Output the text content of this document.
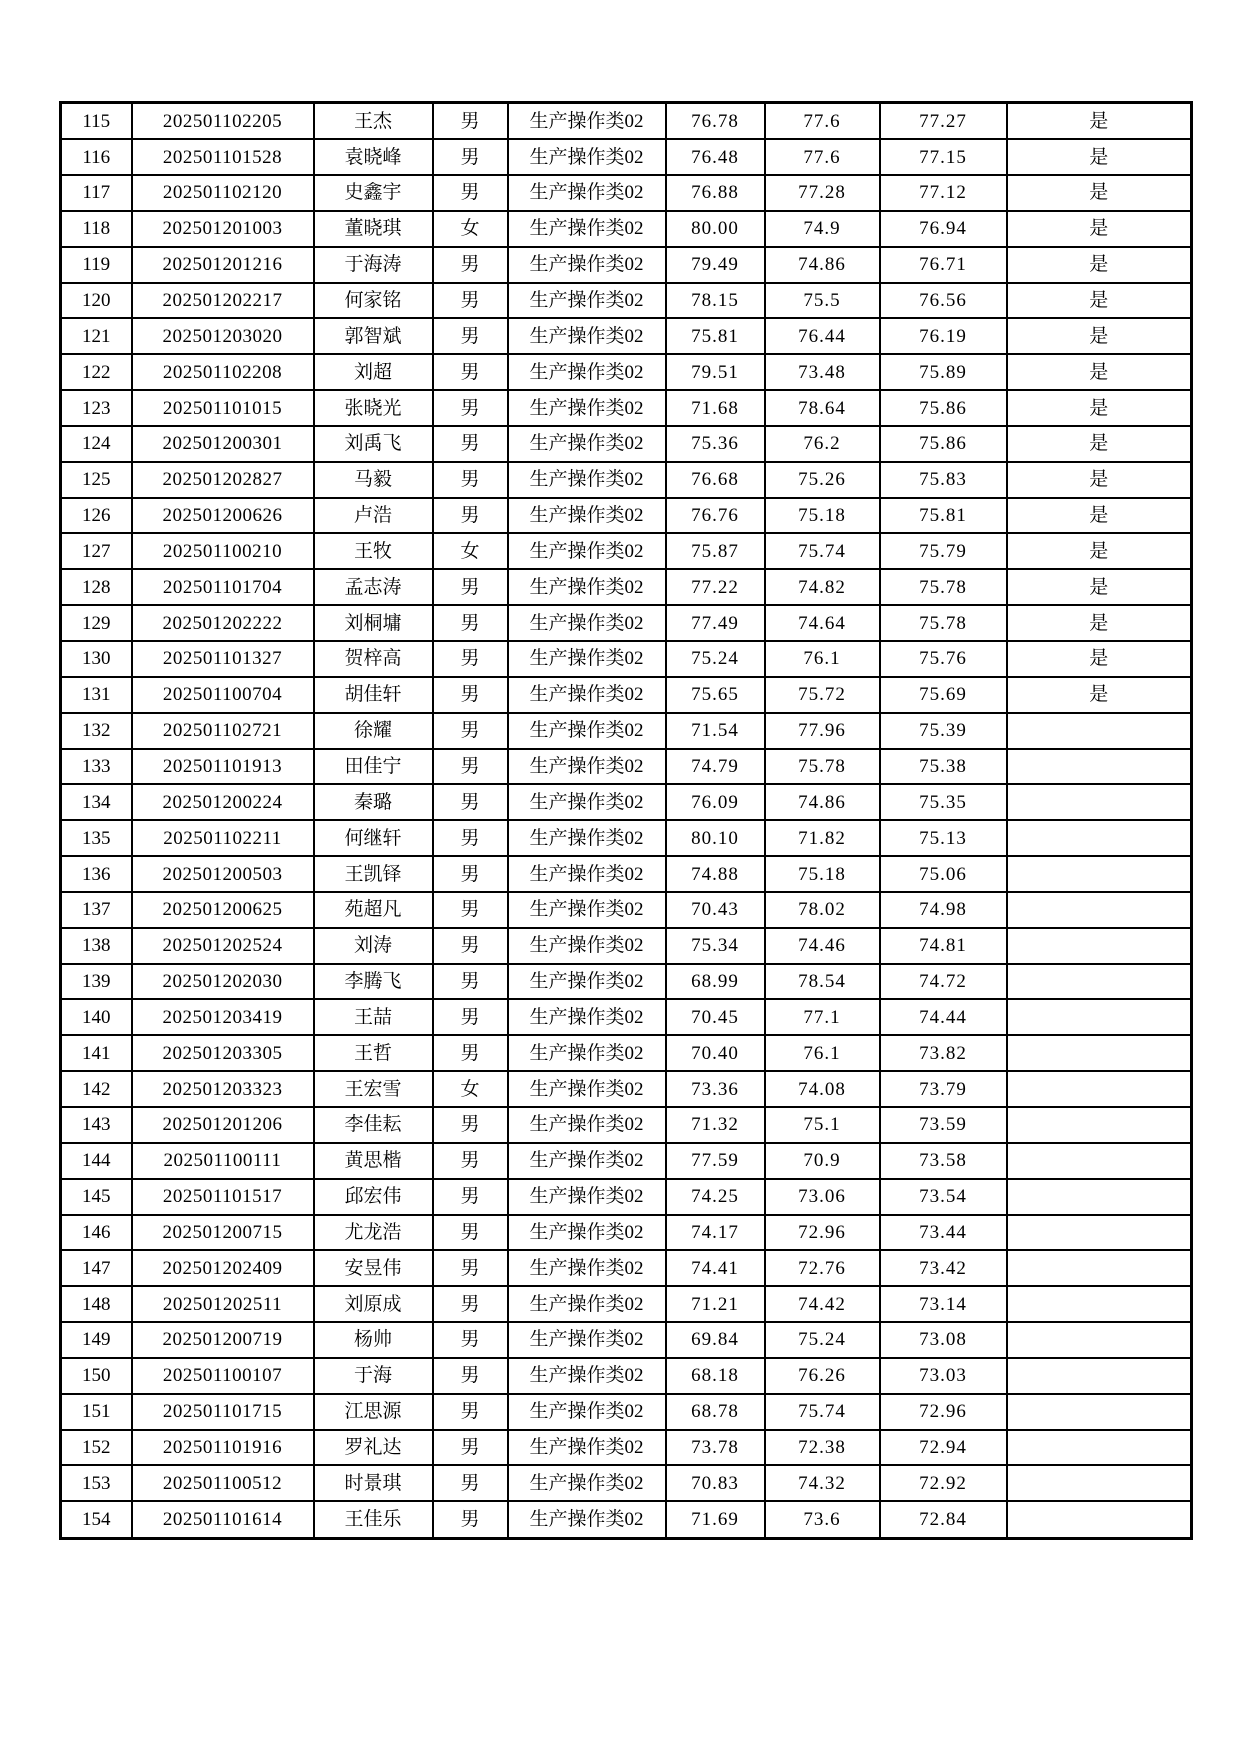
115	202501102205	王杰	男	生产操作类02	76.78	77.6	77.27	是
116	202501101528	袁晓峰	男	生产操作类02	76.48	77.6	77.15	是
117	202501102120	史鑫宇	男	生产操作类02	76.88	77.28	77.12	是
118	202501201003	董晓琪	女	生产操作类02	80.00	74.9	76.94	是
119	202501201216	于海涛	男	生产操作类02	79.49	74.86	76.71	是
120	202501202217	何家铭	男	生产操作类02	78.15	75.5	76.56	是
121	202501203020	郭智斌	男	生产操作类02	75.81	76.44	76.19	是
122	202501102208	刘超	男	生产操作类02	79.51	73.48	75.89	是
123	202501101015	张晓光	男	生产操作类02	71.68	78.64	75.86	是
124	202501200301	刘禹飞	男	生产操作类02	75.36	76.2	75.86	是
125	202501202827	马毅	男	生产操作类02	76.68	75.26	75.83	是
126	202501200626	卢浩	男	生产操作类02	76.76	75.18	75.81	是
127	202501100210	王牧	女	生产操作类02	75.87	75.74	75.79	是
128	202501101704	孟志涛	男	生产操作类02	77.22	74.82	75.78	是
129	202501202222	刘桐墉	男	生产操作类02	77.49	74.64	75.78	是
130	202501101327	贺梓高	男	生产操作类02	75.24	76.1	75.76	是
131	202501100704	胡佳轩	男	生产操作类02	75.65	75.72	75.69	是
132	202501102721	徐耀	男	生产操作类02	71.54	77.96	75.39	
133	202501101913	田佳宁	男	生产操作类02	74.79	75.78	75.38	
134	202501200224	秦璐	男	生产操作类02	76.09	74.86	75.35	
135	202501102211	何继轩	男	生产操作类02	80.10	71.82	75.13	
136	202501200503	王凯铎	男	生产操作类02	74.88	75.18	75.06	
137	202501200625	苑超凡	男	生产操作类02	70.43	78.02	74.98	
138	202501202524	刘涛	男	生产操作类02	75.34	74.46	74.81	
139	202501202030	李腾飞	男	生产操作类02	68.99	78.54	74.72	
140	202501203419	王喆	男	生产操作类02	70.45	77.1	74.44	
141	202501203305	王哲	男	生产操作类02	70.40	76.1	73.82	
142	202501203323	王宏雪	女	生产操作类02	73.36	74.08	73.79	
143	202501201206	李佳耘	男	生产操作类02	71.32	75.1	73.59	
144	202501100111	黄思楷	男	生产操作类02	77.59	70.9	73.58	
145	202501101517	邱宏伟	男	生产操作类02	74.25	73.06	73.54	
146	202501200715	尤龙浩	男	生产操作类02	74.17	72.96	73.44	
147	202501202409	安昱伟	男	生产操作类02	74.41	72.76	73.42	
148	202501202511	刘原成	男	生产操作类02	71.21	74.42	73.14	
149	202501200719	杨帅	男	生产操作类02	69.84	75.24	73.08	
150	202501100107	于海	男	生产操作类02	68.18	76.26	73.03	
151	202501101715	江思源	男	生产操作类02	68.78	75.74	72.96	
152	202501101916	罗礼达	男	生产操作类02	73.78	72.38	72.94	
153	202501100512	时景琪	男	生产操作类02	70.83	74.32	72.92	
154	202501101614	王佳乐	男	生产操作类02	71.69	73.6	72.84	
